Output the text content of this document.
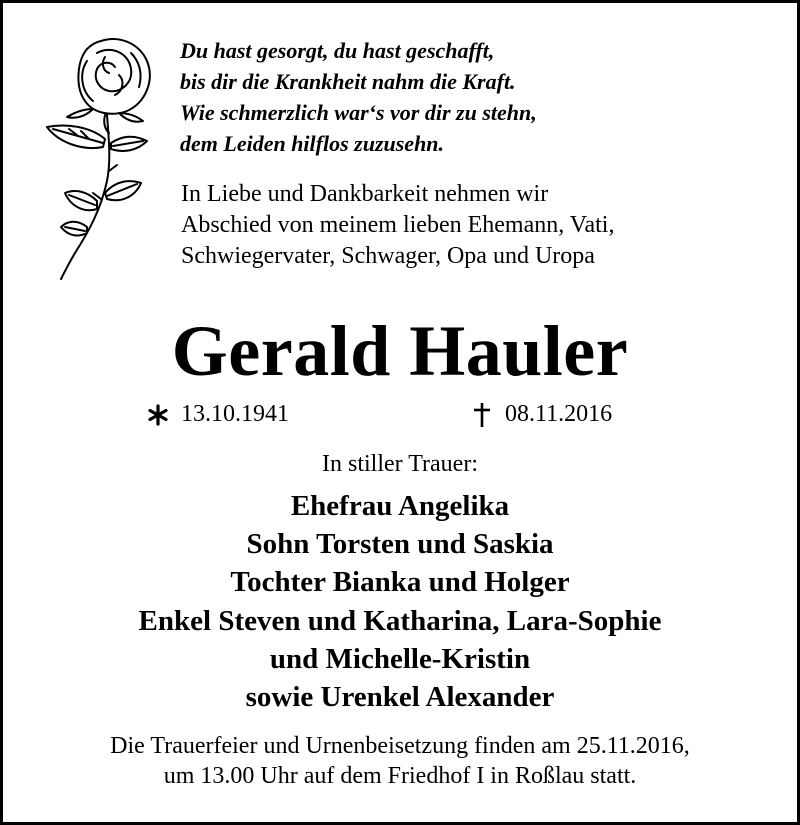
Du hast gesorgt, du hast geschafft,
bis dir die Krankheit nahm die Kraft.
Wie schmerzlich war‘s vor dir zu stehn,
dem Leiden hilflos zuzusehn.
In Liebe und Dankbarkeit nehmen wir
Abschied von meinem lieben Ehemann, Vati,
Schwiegervater, Schwager, Opa und Uropa
Gerald Hauler
13.10.1941	08.11.2016
In stiller Trauer:
Ehefrau Angelika
Sohn Torsten und Saskia
Tochter Bianka und Holger
Enkel Steven und Katharina, Lara-Sophie
und Michelle-Kristin
sowie Urenkel Alexander
Die Trauerfeier und Urnenbeisetzung finden am 25.11.2016,
um 13.00 Uhr auf dem Friedhof I in Roßlau statt.
